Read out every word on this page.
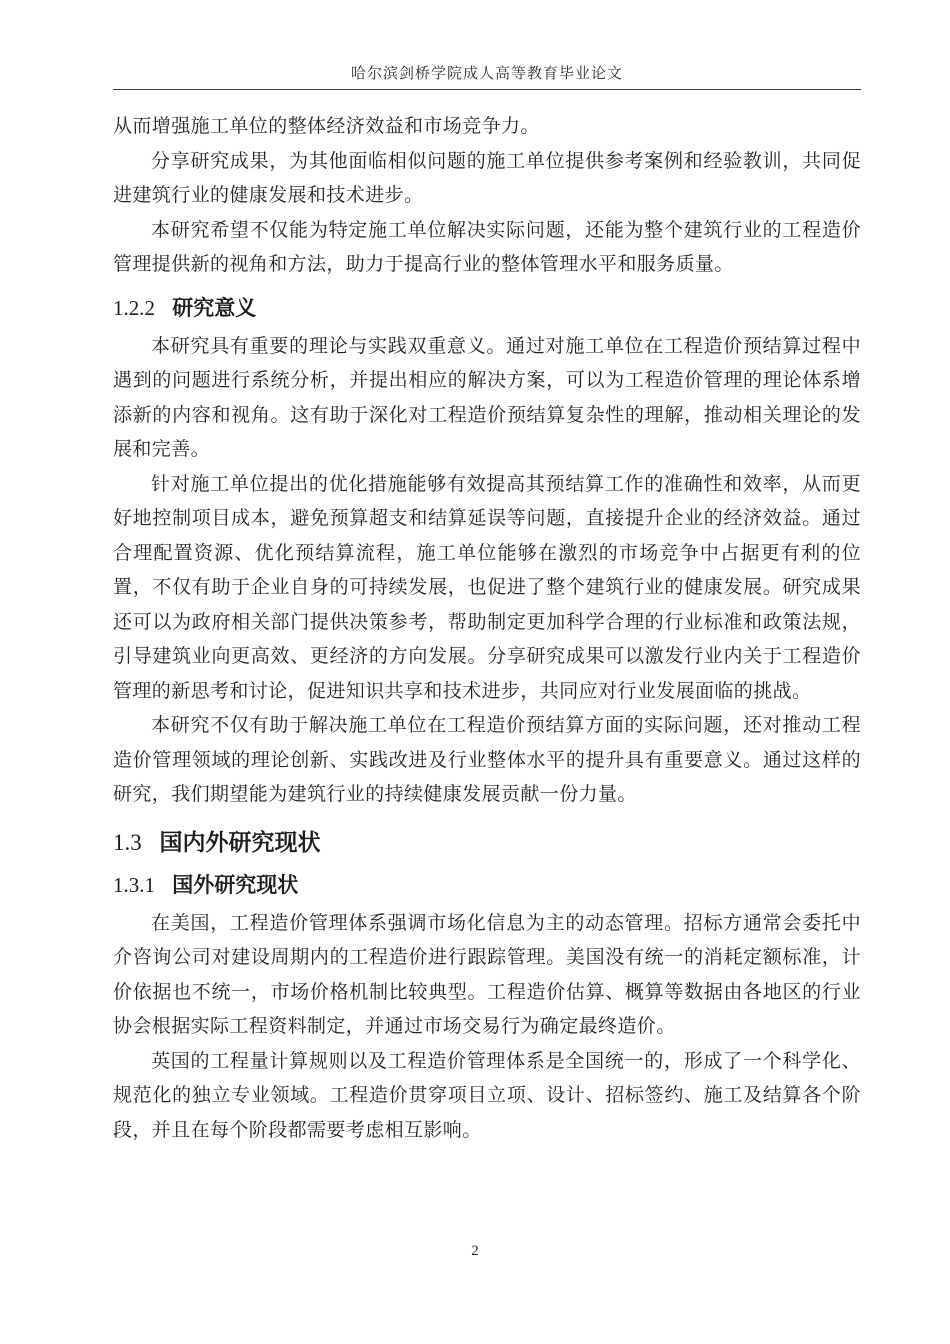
哈尔滨剑桥学院成人高等教育毕业论文

从而增强施工单位的整体经济效益和市场竞争力。

分享研究成果，为其他面临相似问题的施工单位提供参考案例和经验教训，共同促进建筑行业的健康发展和技术进步。

本研究希望不仅能为特定施工单位解决实际问题，还能为整个建筑行业的工程造价管理提供新的视角和方法，助力于提高行业的整体管理水平和服务质量。

1.2.2 研究意义

本研究具有重要的理论与实践双重意义。通过对施工单位在工程造价预结算过程中遇到的问题进行系统分析，并提出相应的解决方案，可以为工程造价管理的理论体系增添新的内容和视角。这有助于深化对工程造价预结算复杂性的理解，推动相关理论的发展和完善。

针对施工单位提出的优化措施能够有效提高其预结算工作的准确性和效率，从而更好地控制项目成本，避免预算超支和结算延误等问题，直接提升企业的经济效益。通过合理配置资源、优化预结算流程，施工单位能够在激烈的市场竞争中占据更有利的位置，不仅有助于企业自身的可持续发展，也促进了整个建筑行业的健康发展。研究成果还可以为政府相关部门提供决策参考，帮助制定更加科学合理的行业标准和政策法规，引导建筑业向更高效、更经济的方向发展。分享研究成果可以激发行业内关于工程造价管理的新思考和讨论，促进知识共享和技术进步，共同应对行业发展面临的挑战。

本研究不仅有助于解决施工单位在工程造价预结算方面的实际问题，还对推动工程造价管理领域的理论创新、实践改进及行业整体水平的提升具有重要意义。通过这样的研究，我们期望能为建筑行业的持续健康发展贡献一份力量。

1.3 国内外研究现状
1.3.1 国外研究现状

在美国，工程造价管理体系强调市场化信息为主的动态管理。招标方通常会委托中介咨询公司对建设周期内的工程造价进行跟踪管理。美国没有统一的消耗定额标准，计价依据也不统一，市场价格机制比较典型。工程造价估算、概算等数据由各地区的行业协会根据实际工程资料制定，并通过市场交易行为确定最终造价。

英国的工程量计算规则以及工程造价管理体系是全国统一的，形成了一个科学化、规范化的独立专业领域。工程造价贯穿项目立项、设计、招标签约、施工及结算各个阶段，并且在每个阶段都需要考虑相互影响。

2
